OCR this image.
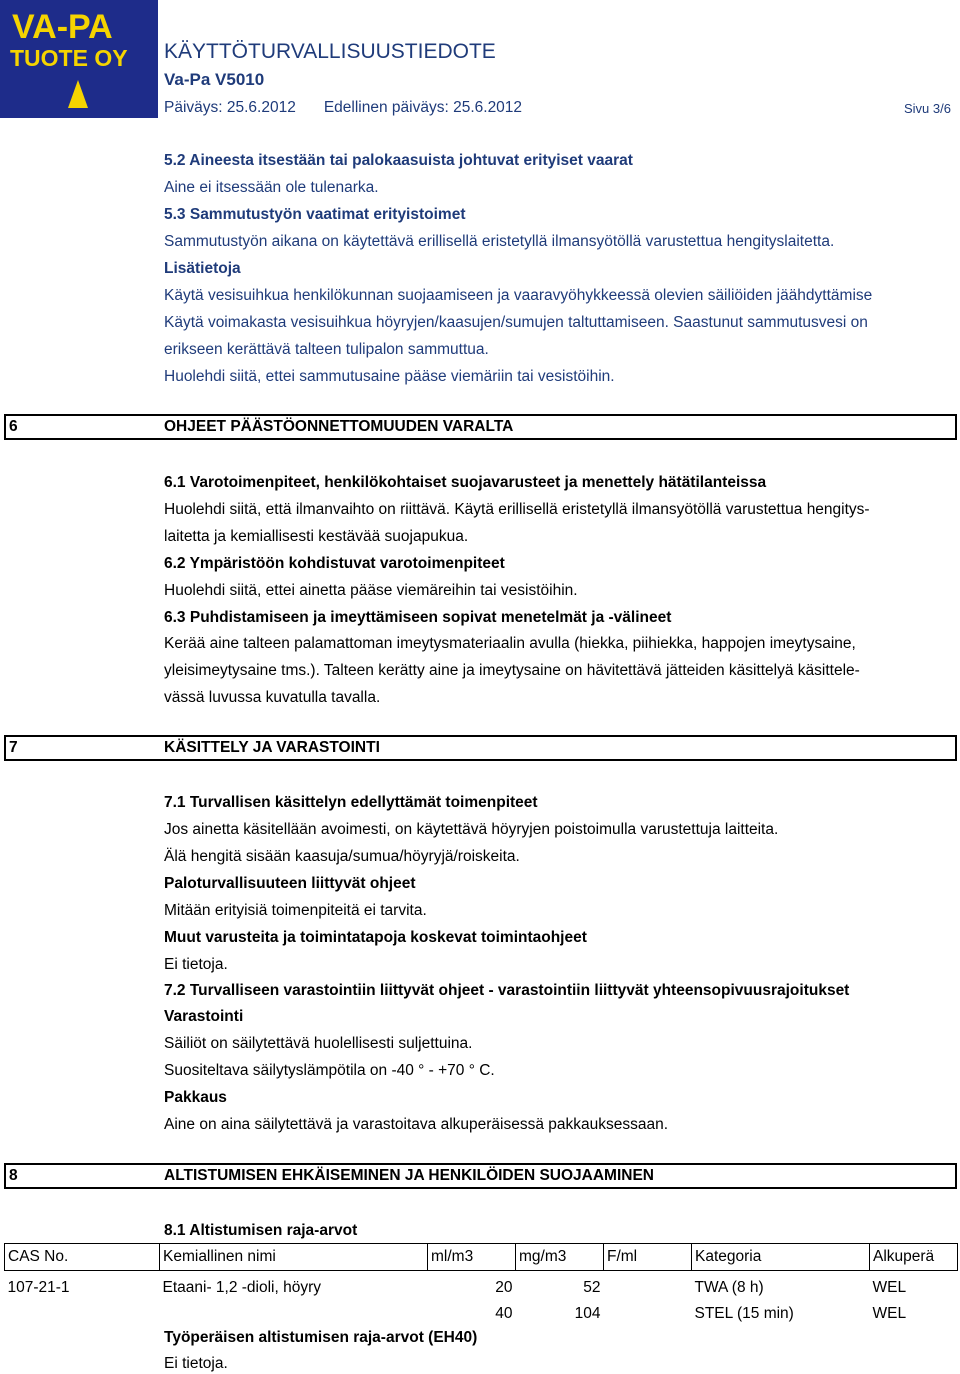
VA-PA
TUOTE OY KÄYTTÖTURVALLISUUSTIEDOTE
Va-Pa V5010
Päiväys: 25.6.2012 Edellinen päiväys: 25.6.2012	Sivu 3/6
5.2 Aineesta itsestään tai palokaasuista johtuvat erityiset vaarat
Aine ei itsessään ole tulenarka.
5.3 Sammutustyön vaatimat erityistoimet
Sammutustyön aikana on käytettävä erillisellä eristetyllä ilmansyötöllä varustettua hengityslaitetta.
Lisätietoja
Käytä vesisuihkua henkilökunnan suojaamiseen ja vaaravyöhykkeessä olevien säiliöiden jäähdyttämise
Käytä voimakasta vesisuihkua höyryjen/kaasujen/sumujen taltuttamiseen. Saastunut sammutusvesi on
erikseen kerättävä talteen tulipalon sammuttua.
Huolehdi siitä, ettei sammutusaine pääse viemäriin tai vesistöihin.
6	OHJEET PÄÄSTÖONNETTOMUUDEN VARALTA
6.1 Varotoimenpiteet, henkilökohtaiset suojavarusteet ja menettely hätätilanteissa
Huolehdi siitä, että ilmanvaihto on riittävä. Käytä erillisellä eristetyllä ilmansyötöllä varustettua hengitys-
laitetta ja kemiallisesti kestävää suojapukua.
6.2 Ympäristöön kohdistuvat varotoimenpiteet
Huolehdi siitä, ettei ainetta pääse viemäreihin tai vesistöihin.
6.3 Puhdistamiseen ja imeyttämiseen sopivat menetelmät ja -välineet
Kerää aine talteen palamattoman imeytysmateriaalin avulla (hiekka, piihiekka, happojen imeytysaine,
yleisimeytysaine tms.). Talteen kerätty aine ja imeytysaine on hävitettävä jätteiden käsittelyä käsittele-
vässä luvussa kuvatulla tavalla.
7	KÄSITTELY JA VARASTOINTI
7.1 Turvallisen käsittelyn edellyttämät toimenpiteet
Jos ainetta käsitellään avoimesti, on käytettävä höyryjen poistoimulla varustettuja laitteita.
Älä hengitä sisään kaasuja/sumua/höyryjä/roiskeita.
Paloturvallisuuteen liittyvät ohjeet
Mitään erityisiä toimenpiteitä ei tarvita.
Muut varusteita ja toimintatapoja koskevat toimintaohjeet
Ei tietoja.
7.2 Turvalliseen varastointiin liittyvät ohjeet - varastointiin liittyvät yhteensopivuusrajoitukset
Varastointi
Säiliöt on säilytettävä huolellisesti suljettuina.
Suositeltava säilytyslämpötila on -40 ° - +70 ° C.
Pakkaus
Aine on aina säilytettävä ja varastoitava alkuperäisessä pakkauksessaan.
8	ALTISTUMISEN EHKÄISEMINEN JA HENKILÖIDEN SUOJAAMINEN
8.1 Altistumisen raja-arvot
CAS No.	Kemiallinen nimi	ml/m3	mg/m3	F/ml	Kategoria	Alkuperä

107-21-1	Etaani- 1,2 -dioli, höyry	20	52		TWA (8 h)	WEL
		40	104		STEL (15 min)	WEL
Työperäisen altistumisen raja-arvot (EH40)
Ei tietoja.
